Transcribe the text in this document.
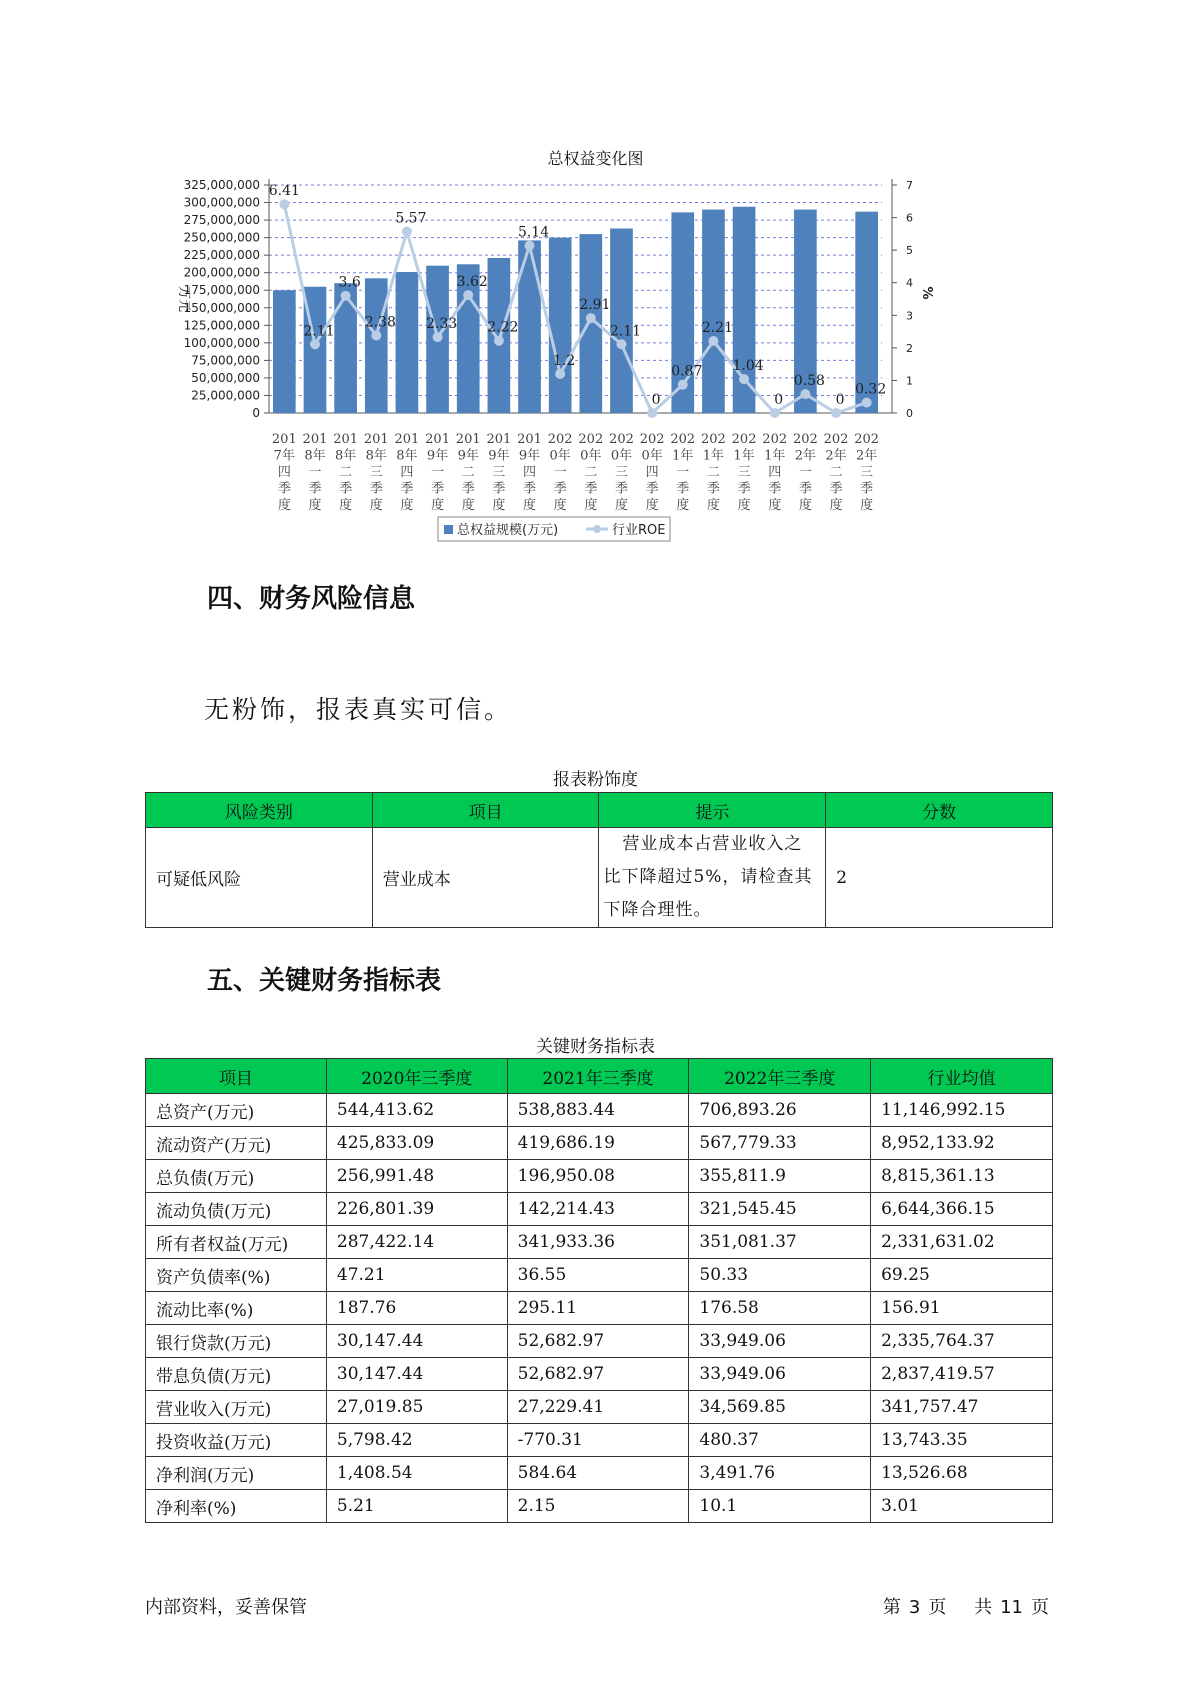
总权益变化图
325,000,000
300,000,000
275,000,000
250,000,000
225,000,000
200,000,000
175,000,000
150,000,000
125,000,000
100,000,000
75,000,000
50,000,000
25,000,000
0
7
6
5
4
3
2
1
0
万元	%
201
7年
四
季
度
201
8年
一
季
度
201
8年
二
季
度
201
8年
三
季
度
201
8年
四
季
度
201
9年
一
季
度
201
9年
二
季
度
201
9年
三
季
度
201
9年
四
季
度
202
0年
一
季
度
202
0年
二
季
度
202
0年
三
季
度
202
0年
四
季
度
202
1年
一
季
度
202
1年
二
季
度
202
1年
三
季
度
202
1年
四
季
度
202
2年
一
季
度
202
2年
二
季
度
202
2年
三
季
度
6.41
2.11
3.6
2.38
5.57
2.33
3.62
2.22
5.14
1.2
2.91
2.11
0
0.87
2.21
1.04
0
0.58
0
0.32
总权益规模(万元)	行业ROE
四、财务风险信息
无粉饰，报表真实可信。
报表粉饰度
风险类别	项目	提示	分数
可疑低风险	营业成本	营业成本占营业收入之
比下降超过5%，请检查其
下降合理性。	2
五、关键财务指标表
关键财务指标表
项目	2020年三季度	2021年三季度	2022年三季度	行业均值
总资产(万元)	544,413.62	538,883.44	706,893.26	11,146,992.15
流动资产(万元)	425,833.09	419,686.19	567,779.33	8,952,133.92
总负债(万元)	256,991.48	196,950.08	355,811.9	8,815,361.13
流动负债(万元)	226,801.39	142,214.43	321,545.45	6,644,366.15
所有者权益(万元)	287,422.14	341,933.36	351,081.37	2,331,631.02
资产负债率(%)	47.21	36.55	50.33	69.25
流动比率(%)	187.76	295.11	176.58	156.91
银行贷款(万元)	30,147.44	52,682.97	33,949.06	2,335,764.37
带息负债(万元)	30,147.44	52,682.97	33,949.06	2,837,419.57
营业收入(万元)	27,019.85	27,229.41	34,569.85	341,757.47
投资收益(万元)	5,798.42	-770.31	480.37	13,743.35
净利润(万元)	1,408.54	584.64	3,491.76	13,526.68
净利率(%)	5.21	2.15	10.1	3.01
内部资料，妥善保管	第 3 页 共 11 页
